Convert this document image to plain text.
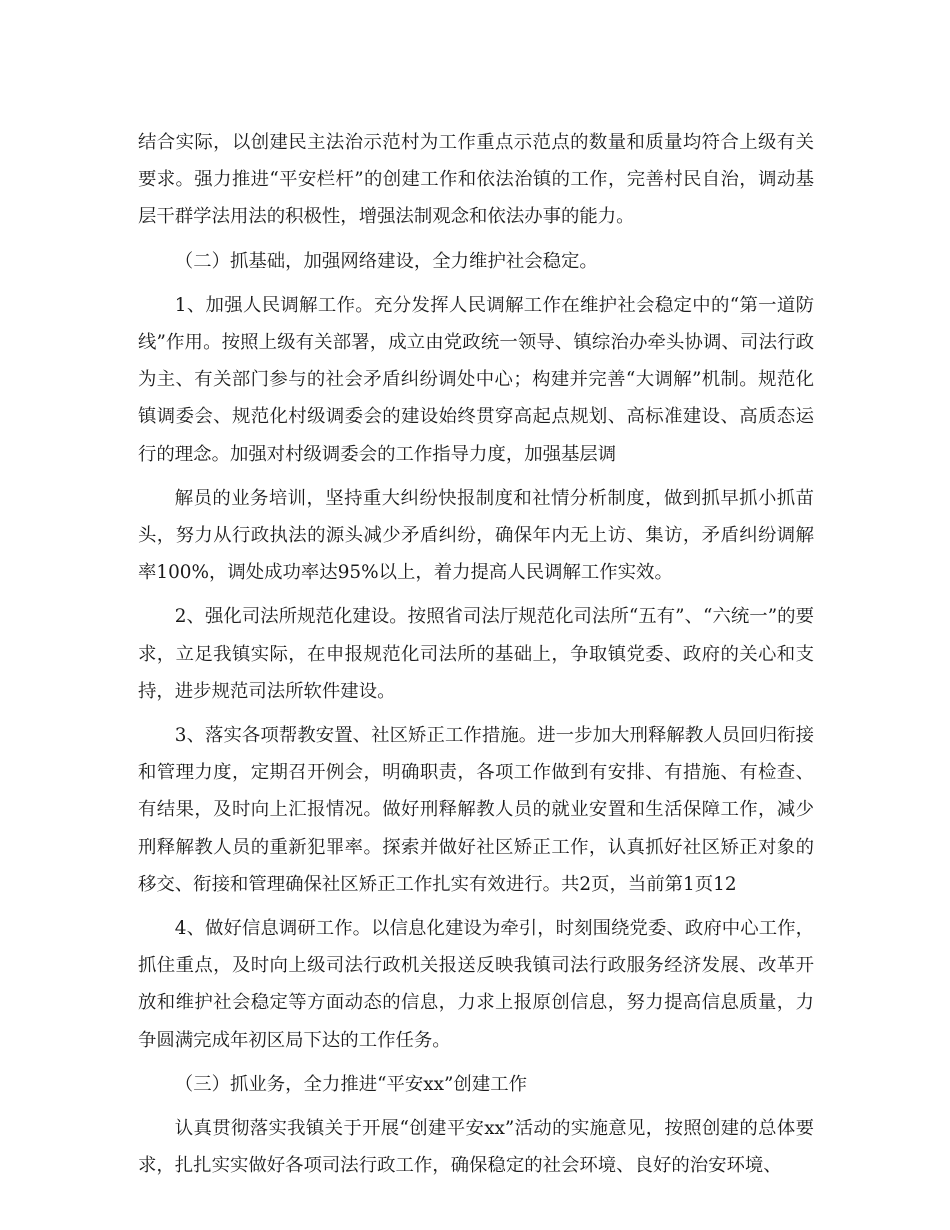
结合实际，以创建民主法治示范村为工作重点示范点的数量和质量均符合上级有关要求。强力推进“平安栏杆”的创建工作和依法治镇的工作，完善村民自治，调动基层干群学法用法的积极性，增强法制观念和依法办事的能力。

（二）抓基础，加强网络建设，全力维护社会稳定。

1、加强人民调解工作。充分发挥人民调解工作在维护社会稳定中的“第一道防线”作用。按照上级有关部署，成立由党政统一领导、镇综治办牵头协调、司法行政为主、有关部门参与的社会矛盾纠纷调处中心；构建并完善“大调解”机制。规范化镇调委会、规范化村级调委会的建设始终贯穿高起点规划、高标准建设、高质态运行的理念。加强对村级调委会的工作指导力度，加强基层调

解员的业务培训，坚持重大纠纷快报制度和社情分析制度，做到抓早抓小抓苗头，努力从行政执法的源头减少矛盾纠纷，确保年内无上访、集访，矛盾纠纷调解率100%，调处成功率达95%以上，着力提高人民调解工作实效。

2、强化司法所规范化建设。按照省司法厅规范化司法所“五有”、“六统一”的要求，立足我镇实际，在申报规范化司法所的基础上，争取镇党委、政府的关心和支持，进步规范司法所软件建设。

3、落实各项帮教安置、社区矫正工作措施。进一步加大刑释解教人员回归衔接和管理力度，定期召开例会，明确职责，各项工作做到有安排、有措施、有检查、有结果，及时向上汇报情况。做好刑释解教人员的就业安置和生活保障工作，减少刑释解教人员的重新犯罪率。探索并做好社区矫正工作，认真抓好社区矫正对象的移交、衔接和管理确保社区矫正工作扎实有效进行。共2页，当前第1页12

4、做好信息调研工作。以信息化建设为牵引，时刻围绕党委、政府中心工作，抓住重点，及时向上级司法行政机关报送反映我镇司法行政服务经济发展、改革开放和维护社会稳定等方面动态的信息，力求上报原创信息，努力提高信息质量，力争圆满完成年初区局下达的工作任务。

（三）抓业务，全力推进“平安xx”创建工作

认真贯彻落实我镇关于开展“创建平安xx”活动的实施意见，按照创建的总体要求，扎扎实实做好各项司法行政工作，确保稳定的社会环境、良好的治安环境、
